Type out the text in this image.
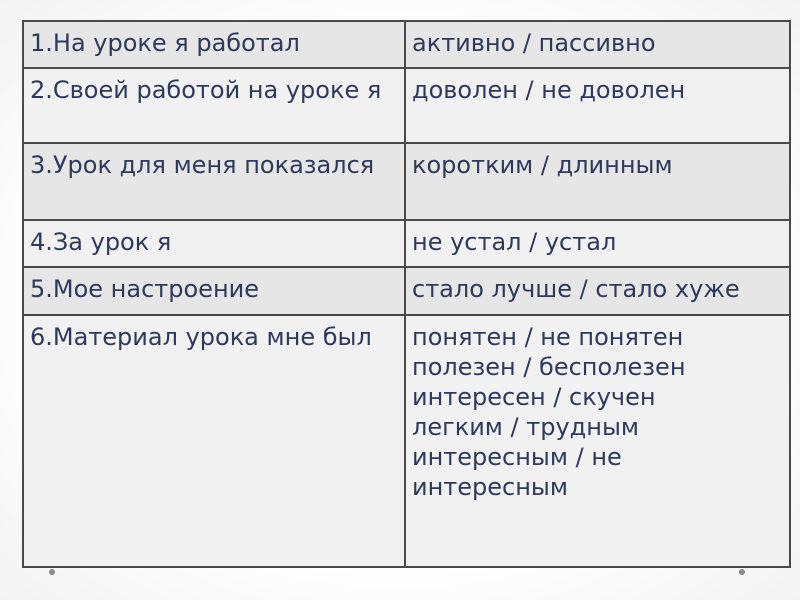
1.На уроке я работал	активно / пассивно

2.Своей работой на уроке я	доволен / не доволен

3.Урок для меня показался	коротким / длинным

4.За урок я	не устал / устал

5.Мое настроение	стало лучше / стало хуже

6.Материал урока мне был	понятен / не понятен
полезен / бесполезен
интересен / скучен
легким / трудным
интересным / не интересным
